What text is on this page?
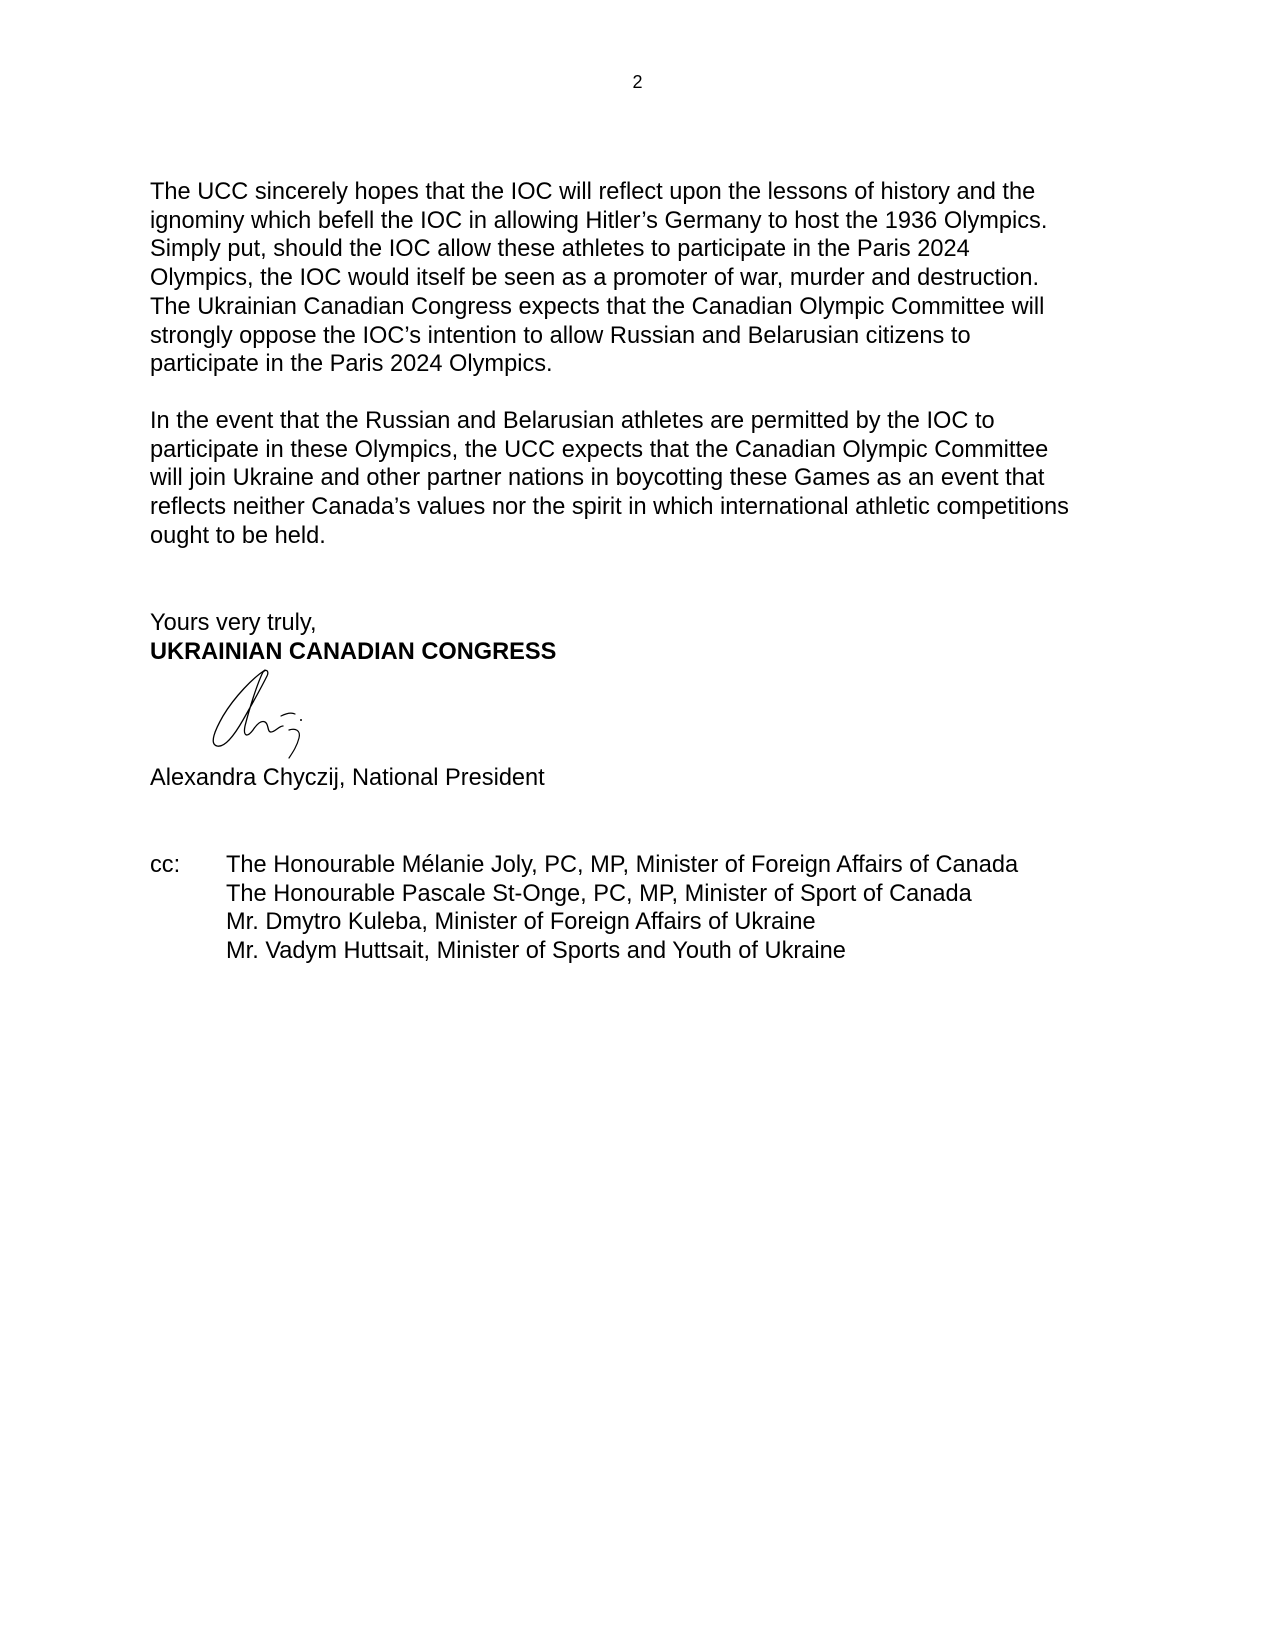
2
The UCC sincerely hopes that the IOC will reflect upon the lessons of history and the
ignominy which befell the IOC in allowing Hitler’s Germany to host the 1936 Olympics.
Simply put, should the IOC allow these athletes to participate in the Paris 2024
Olympics, the IOC would itself be seen as a promoter of war, murder and destruction.
The Ukrainian Canadian Congress expects that the Canadian Olympic Committee will
strongly oppose the IOC’s intention to allow Russian and Belarusian citizens to
participate in the Paris 2024 Olympics.
In the event that the Russian and Belarusian athletes are permitted by the IOC to
participate in these Olympics, the UCC expects that the Canadian Olympic Committee
will join Ukraine and other partner nations in boycotting these Games as an event that
reflects neither Canada’s values nor the spirit in which international athletic competitions
ought to be held.
Yours very truly,
UKRAINIAN CANADIAN CONGRESS
Alexandra Chyczij, National President
cc: The Honourable Mélanie Joly, PC, MP, Minister of Foreign Affairs of Canada
The Honourable Pascale St-Onge, PC, MP, Minister of Sport of Canada
Mr. Dmytro Kuleba, Minister of Foreign Affairs of Ukraine
Mr. Vadym Huttsait, Minister of Sports and Youth of Ukraine
